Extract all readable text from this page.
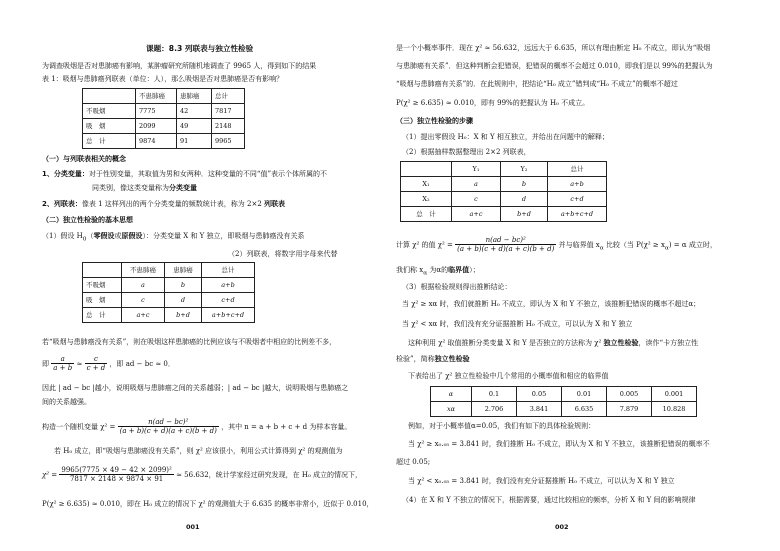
课题：8.3 列联表与独立性检验
为调查吸烟是否对患肺癌有影响，某肿瘤研究所随机地调查了 9965 人，得到如下的结果
表 1：吸烟与患肺癌列联表（单位：人），那么吸烟是否对患肺癌是否有影响？
	不患肺癌	患肺癌	总计
不吸烟	7775	42	7817
吸　烟	2099	49	2148
总　计	9874	91	9965
（一）与列联表相关的概念
1、分类变量：对于性别变量，其取值为男和女两种．这种变量的不同“值”表示个体所属的不
同类别，像这类变量称为分类变量
2、列联表：像表 1 这样列出的两个分类变量的频数统计表，称为 2×2 列联表
（二）独立性检验的基本思想
（1）假设 $H_0$（零假设或原假设）：分类变量 X 和 Y 独立，即吸烟与患肺癌没有关系
（2）列联表，将数字用字母来代替
	不患肺癌	患肺癌	总计
不吸烟	a	b	a+b
吸　烟	c	d	c+d
总　计	a+c	b+d	a+b+c+d
若“吸烟与患肺癌没有关系”，则在吸烟这样患肺癌的比例应该与不吸烟者中相应的比例差不多，
即 $\frac{a}{a + b} \approx \frac{c}{c + d}$ ，即 ad − bc ≈ 0．
因此 | ad − bc |越小，说明吸烟与患肺癌之间的关系越弱；| ad − bc |越大，说明吸烟与患肺癌之
间的关系越强。
构造一个随机变量 $\chi^2 = \frac{\text{n(ad − bc)²}}{(a + b)(c + d)(a + c)(b + d)}$ ，其中 n = a + b + c + d 为样本容量。
若 H₀ 成立，即“吸烟与患肺癌没有关系”，则 χ² 应该很小，利用公式计算得到 χ² 的观测值为
$\chi^2 = \frac{\text{9965(7775 × 49 − 42 × 2099)²}}{7817 \times 2148 \times 9874 \times 91} \approx 56.632$，统计学家经过研究发现，在 H₀ 成立的情况下，
P(χ² ≥ 6.635) ≈ 0.010，即在 H₀ 成立的情况下 χ² 的观测值大于 6.635 的概率非常小，近似于 0.010，
001
是一个小概率事件．现在 χ² ≈ 56.632，远远大于 6.635，所以有理由断定 H₀ 不成立，即认为“吸烟
与患肺癌有关系”．但这种判断会犯错误，犯错误的概率不会超过 0.010，即我们是以 99%的把握认为
“吸烟与患肺癌有关系”的．在此规则中，把结论“H₀ 成立”错判成“H₀ 不成立”的概率不超过
P(χ² ≥ 6.635) ≈ 0.010，即有 99%的把握认为 H₀ 不成立。
（三）独立性检验的步骤
（1）提出零假设 H₀：X 和 Y 相互独立，并给出在问题中的解释；
（2）根据抽样数据整理出 2×2 列联表，
	Y₁	Y₂	总计
X₁	a	b	a+b
X₂	c	d	c+d
总　计	a+c	b+d	a+b+c+d
计算 χ² 的值 $\chi^2 = \frac{\text{n(ad − bc)²}}{(a + b)(c + d)(a + c)(b + d)}$ 并与临界值 $x_\alpha$ 比较（当 $P(\chi^2 \ge x_\alpha) = \alpha$ 成立时，
我们称 $x_\alpha$ 为α的临界值）；
（3）根据检验规则得出推断结论：
当 χ² ≥ xα 时，我们就推断 H₀ 不成立，即认为 X 和 Y 不独立，该推断犯错误的概率不超过α；
当 χ² < xα 时，我们没有充分证据推断 H₀ 不成立，可以认为 X 和 Y 独立
这种利用 χ² 取值推断分类变量 X 和 Y 是否独立的方法称为 χ² 独立性检验，读作“卡方独立性
检验”，简称独立性检验
下表给出了 χ² 独立性检验中几个常用的小概率值和相应的临界值
α	0.1	0.05	0.01	0.005	0.001
xα	2.706	3.841	6.635	7.879	10.828
例如，对于小概率值α=0.05，我们有如下的具体检验规则：
当 χ² ≥ x₀.₀₅ = 3.841 时，我们推断 H₀ 不成立，即认为 X 和 Y 不独立，该推断犯错误的概率不
超过 0.05;
当 χ² < x₀.₀₅ = 3.841 时，我们没有充分证据推断 H₀ 不成立，可以认为 X 和 Y 独立
（4）在 X 和 Y 不独立的情况下，根据需要，通过比较相应的频率，分析 X 和 Y 间的影响规律
002
